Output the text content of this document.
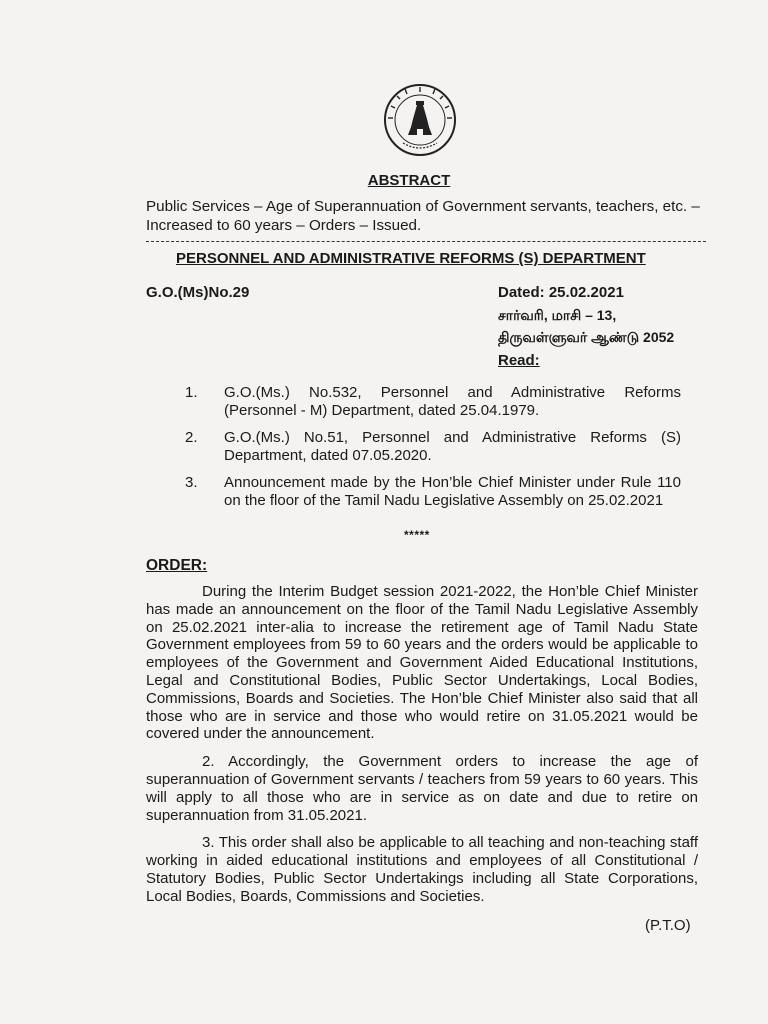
ABSTRACT
Public Services – Age of Superannuation of Government servants, teachers, etc. – Increased to 60 years – Orders – Issued.
PERSONNEL AND ADMINISTRATIVE REFORMS (S) DEPARTMENT
G.O.(Ms)No.29	Dated: 25.02.2021
சார்வரி, மாசி – 13,
திருவள்ளுவர் ஆண்டு 2052
Read:
1.	G.O.(Ms.) No.532, Personnel and Administrative Reforms (Personnel - M) Department, dated 25.04.1979.
2.	G.O.(Ms.) No.51, Personnel and Administrative Reforms (S) Department, dated 07.05.2020.
3.	Announcement made by the Hon’ble Chief Minister under Rule 110 on the floor of the Tamil Nadu Legislative Assembly on 25.02.2021
*****
ORDER:

During the Interim Budget session 2021-2022, the Hon’ble Chief Minister has made an announcement on the floor of the Tamil Nadu Legislative Assembly on 25.02.2021 inter-alia to increase the retirement age of Tamil Nadu State Government employees from 59 to 60 years and the orders would be applicable to employees of the Government and Government Aided Educational Institutions, Legal and Constitutional Bodies, Public Sector Undertakings, Local Bodies, Commissions, Boards and Societies. The Hon’ble Chief Minister also said that all those who are in service and those who would retire on 31.05.2021 would be covered under the announcement.

2. Accordingly, the Government orders to increase the age of superannuation of Government servants / teachers from 59 years to 60 years. This will apply to all those who are in service as on date and due to retire on superannuation from 31.05.2021.

3. This order shall also be applicable to all teaching and non-teaching staff working in aided educational institutions and employees of all Constitutional / Statutory Bodies, Public Sector Undertakings including all State Corporations, Local Bodies, Boards, Commissions and Societies.

(P.T.O)
